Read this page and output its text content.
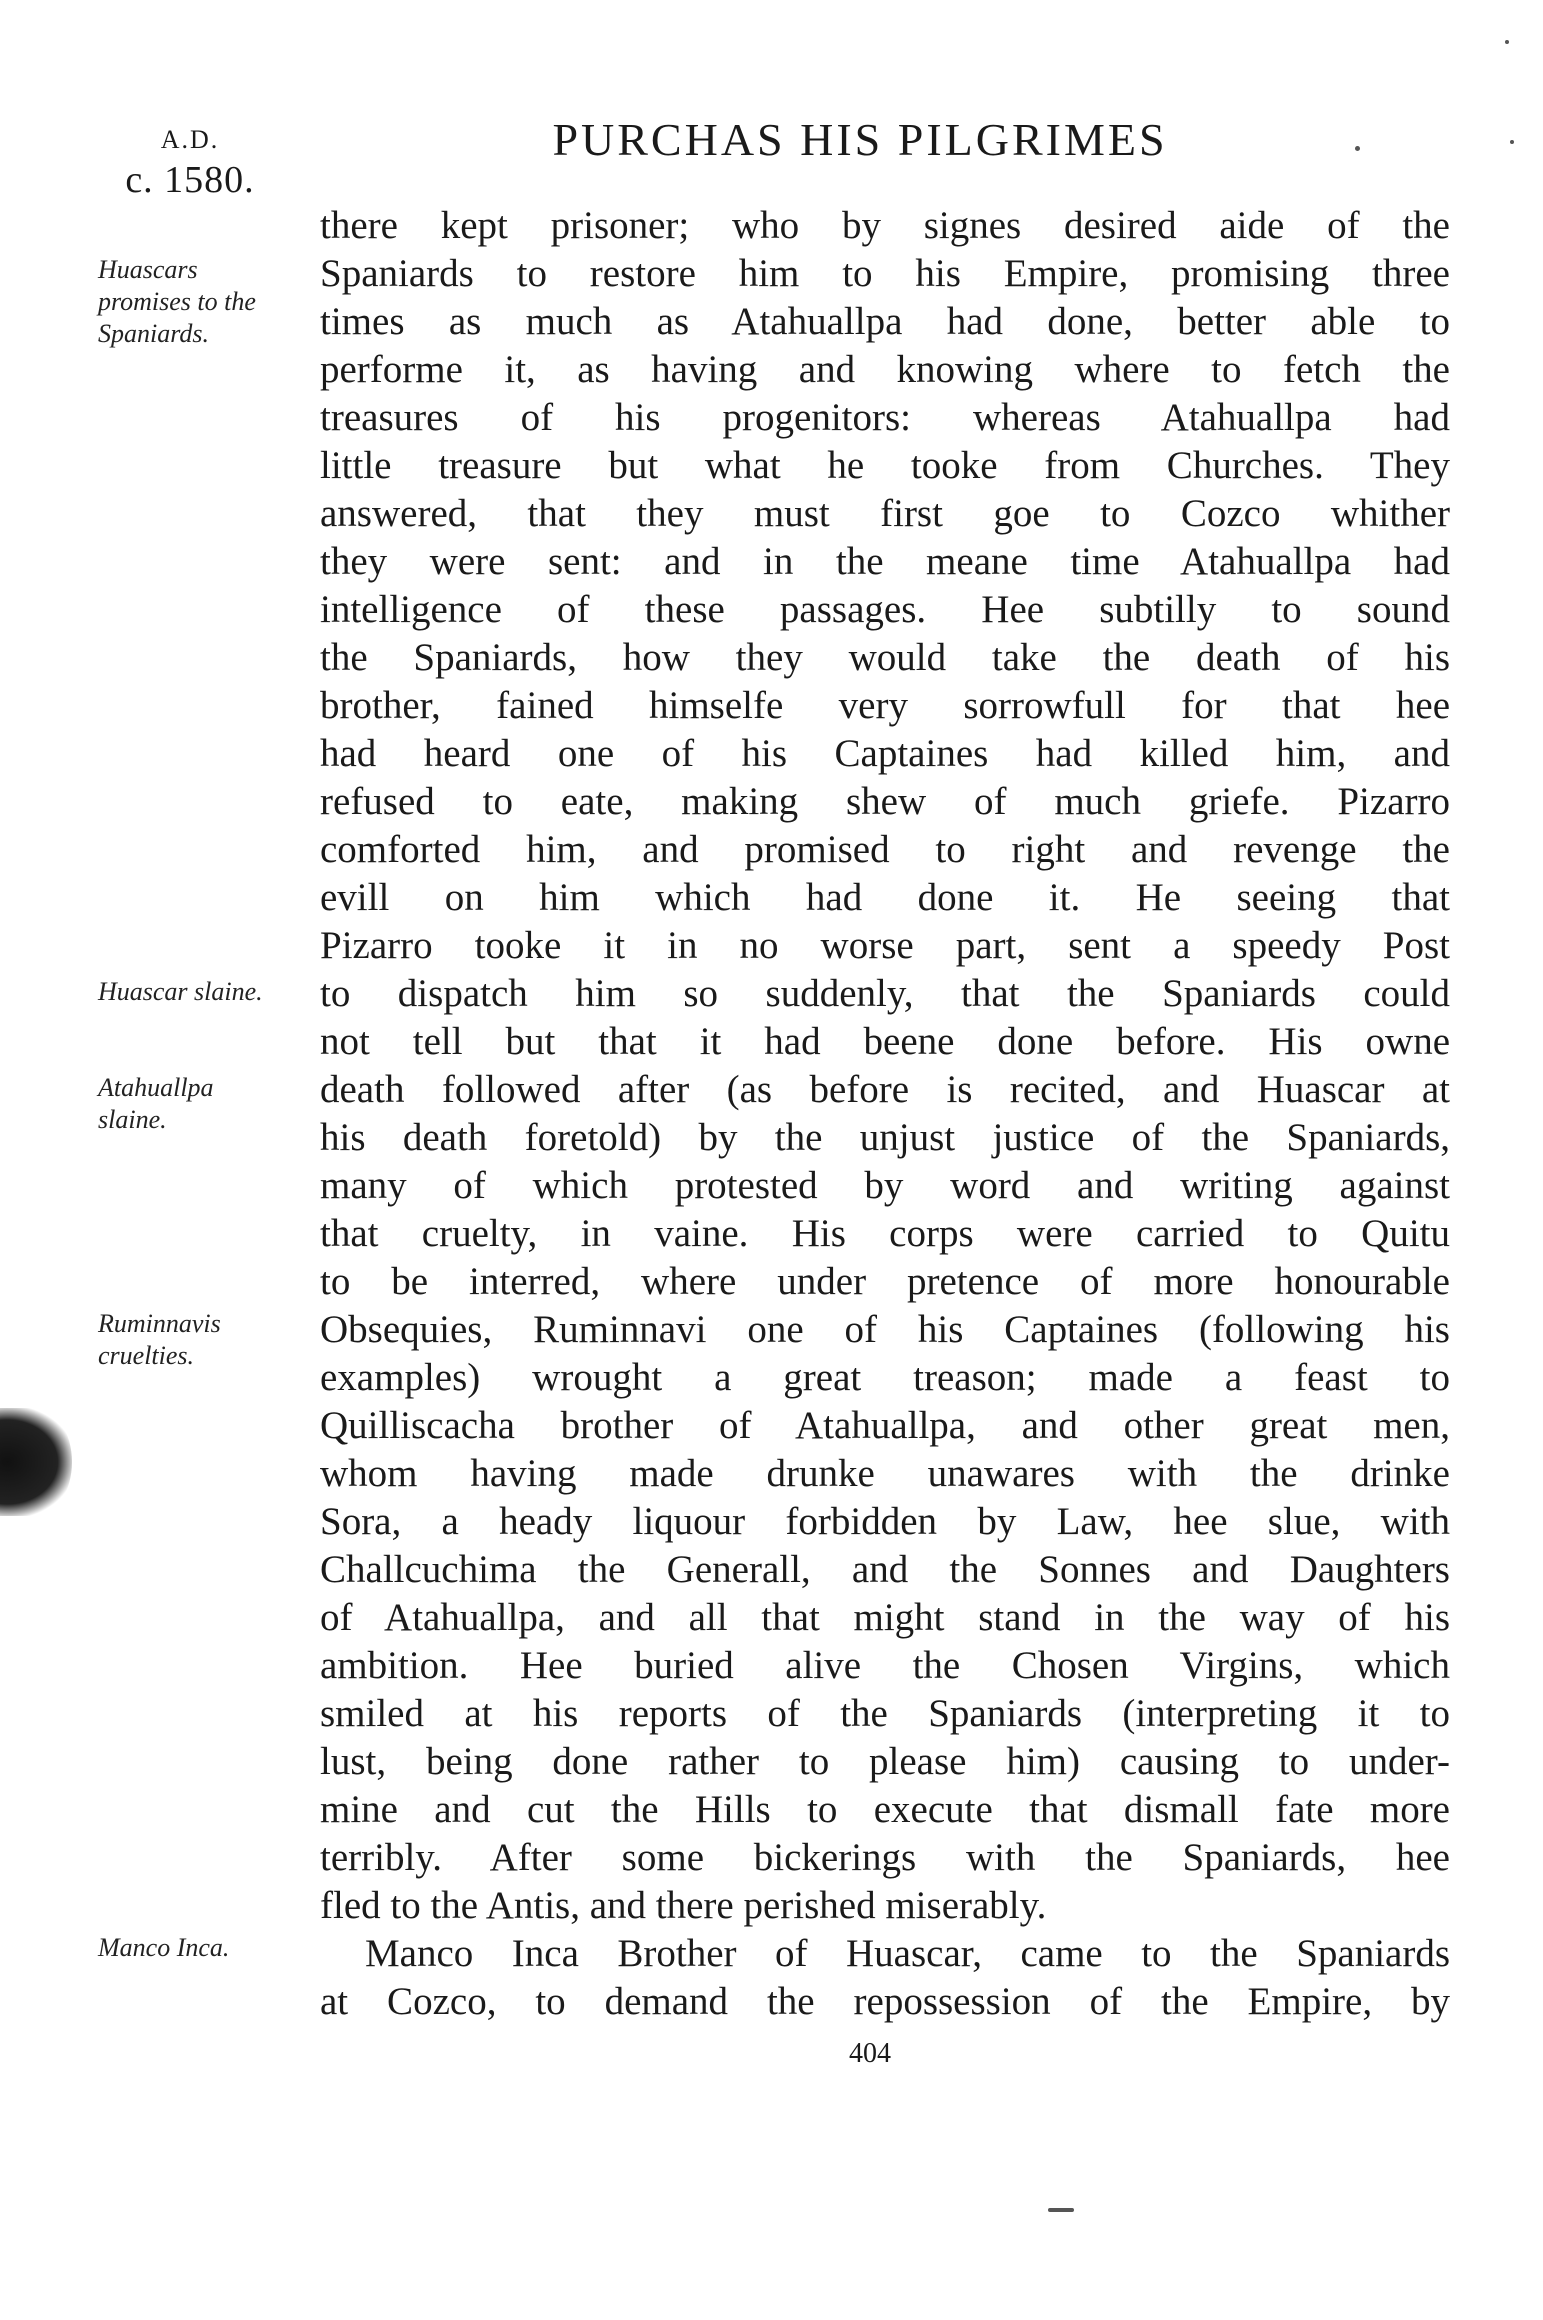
A.D.
c. 1580.
PURCHAS HIS PILGRIMES
Huascars promises to the Spaniards.
Huascar slaine.
Atahuallpa slaine.
Ruminnavis cruelties.
Manco Inca.
there kept prisoner; who by signes desired aide of the
Spaniards to restore him to his Empire, promising three
times as much as Atahuallpa had done, better able to
performe it, as having and knowing where to fetch the
treasures of his progenitors: whereas Atahuallpa had
little treasure but what he tooke from Churches. They
answered, that they must first goe to Cozco whither
they were sent: and in the meane time Atahuallpa had
intelligence of these passages. Hee subtilly to sound
the Spaniards, how they would take the death of his
brother, fained himselfe very sorrowfull for that hee
had heard one of his Captaines had killed him, and
refused to eate, making shew of much griefe. Pizarro
comforted him, and promised to right and revenge the
evill on him which had done it. He seeing that
Pizarro tooke it in no worse part, sent a speedy Post
to dispatch him so suddenly, that the Spaniards could
not tell but that it had beene done before. His owne
death followed after (as before is recited, and Huascar at
his death foretold) by the unjust justice of the Spaniards,
many of which protested by word and writing against
that cruelty, in vaine. His corps were carried to Quitu
to be interred, where under pretence of more honourable
Obsequies, Ruminnavi one of his Captaines (following his
examples) wrought a great treason; made a feast to
Quilliscacha brother of Atahuallpa, and other great men,
whom having made drunke unawares with the drinke
Sora, a heady liquour forbidden by Law, hee slue, with
Challcuchima the Generall, and the Sonnes and Daughters
of Atahuallpa, and all that might stand in the way of his
ambition. Hee buried alive the Chosen Virgins, which
smiled at his reports of the Spaniards (interpreting it to
lust, being done rather to please him) causing to under-
mine and cut the Hills to execute that dismall fate more
terribly. After some bickerings with the Spaniards, hee
fled to the Antis, and there perished miserably.
Manco Inca Brother of Huascar, came to the Spaniards
at Cozco, to demand the repossession of the Empire, by
404
